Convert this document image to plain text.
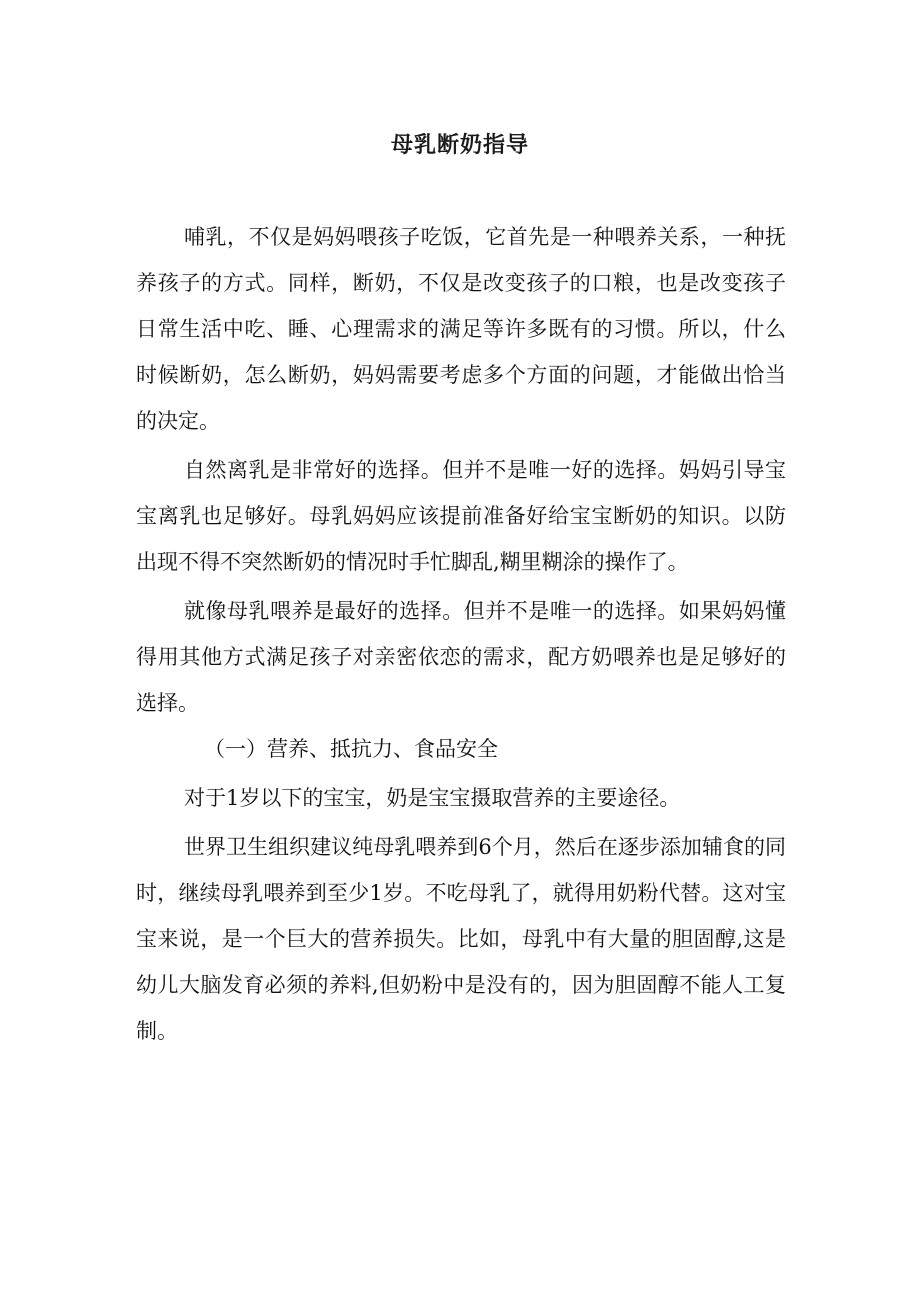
母乳断奶指导

哺乳，不仅是妈妈喂孩子吃饭，它首先是一种喂养关系，一种抚养孩子的方式。同样，断奶，不仅是改变孩子的口粮，也是改变孩子日常生活中吃、睡、心理需求的满足等许多既有的习惯。所以，什么时候断奶，怎么断奶，妈妈需要考虑多个方面的问题，才能做出恰当的决定。

自然离乳是非常好的选择。但并不是唯一好的选择。妈妈引导宝宝离乳也足够好。母乳妈妈应该提前准备好给宝宝断奶的知识。以防出现不得不突然断奶的情况时手忙脚乱,糊里糊涂的操作了。

就像母乳喂养是最好的选择。但并不是唯一的选择。如果妈妈懂得用其他方式满足孩子对亲密依恋的需求，配方奶喂养也是足够好的选择。

（一）营养、抵抗力、食品安全

对于1岁以下的宝宝，奶是宝宝摄取营养的主要途径。

世界卫生组织建议纯母乳喂养到6个月，然后在逐步添加辅食的同时，继续母乳喂养到至少1岁。不吃母乳了，就得用奶粉代替。这对宝宝来说，是一个巨大的营养损失。比如，母乳中有大量的胆固醇,这是幼儿大脑发育必须的养料,但奶粉中是没有的，因为胆固醇不能人工复制。
